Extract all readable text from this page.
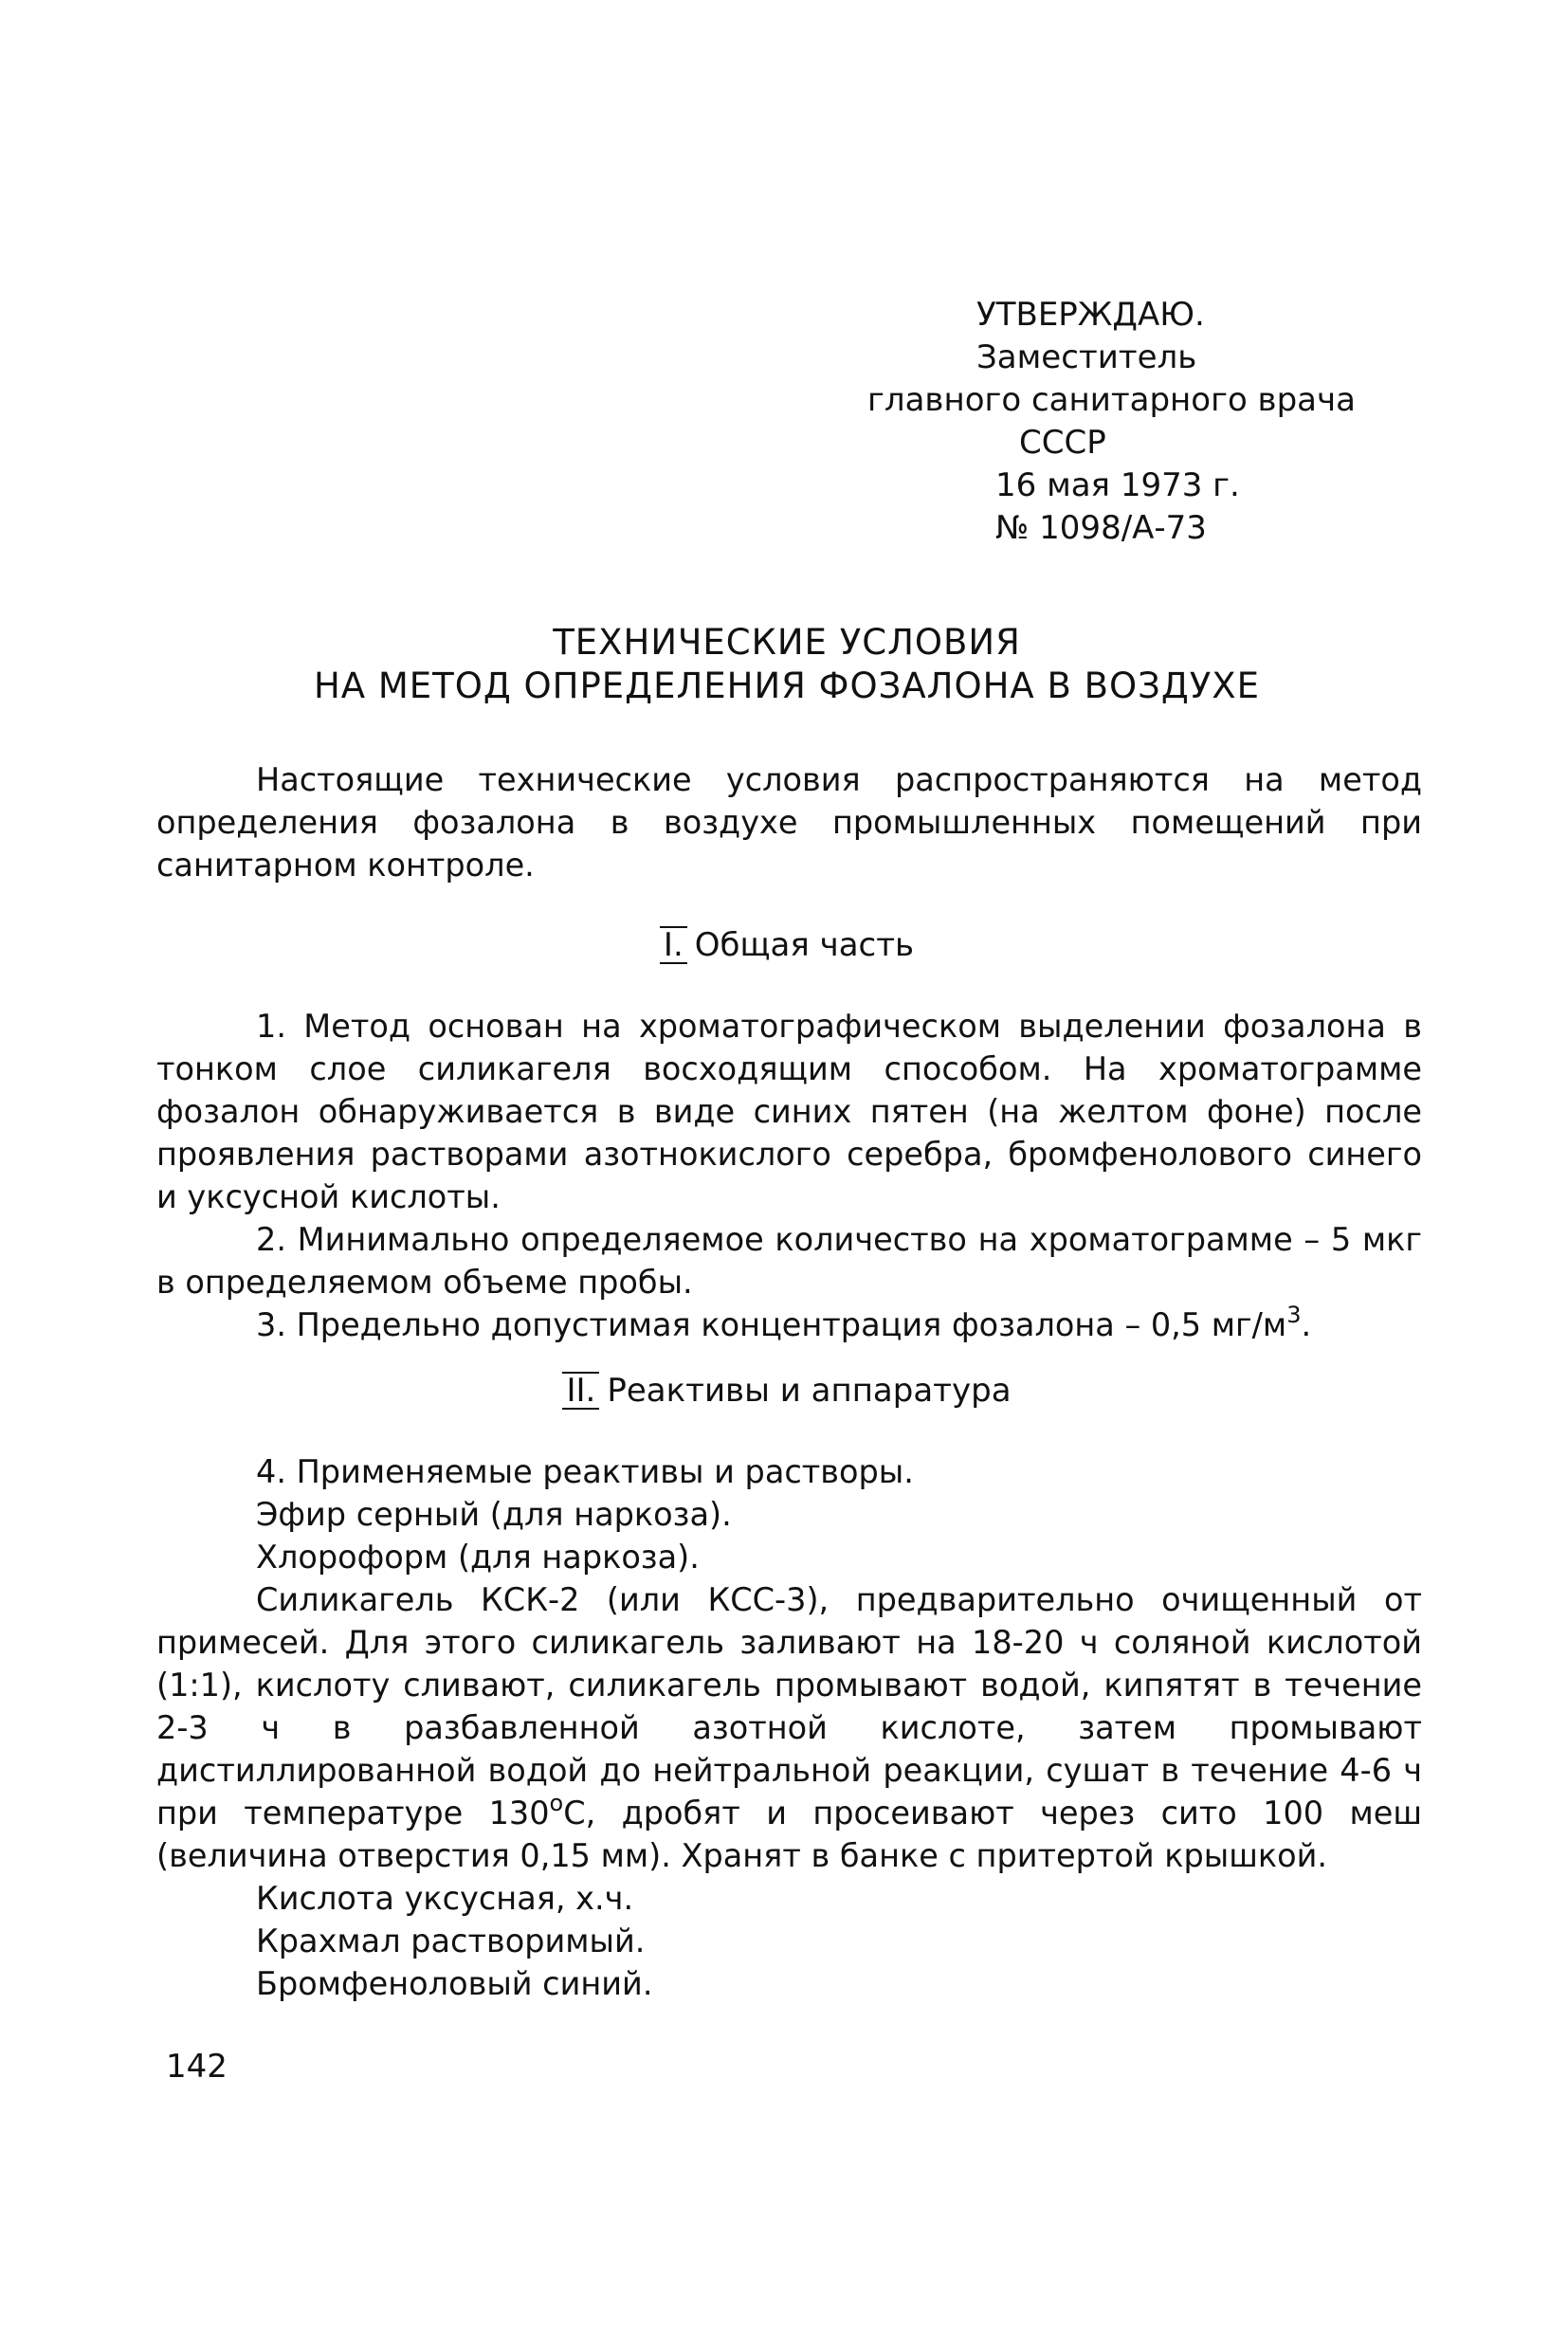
УТВЕРЖДАЮ.
Заместитель
главного санитарного врача
СССР
16 мая 1973 г.
№ 1098/А-73
ТЕХНИЧЕСКИЕ УСЛОВИЯ
НА МЕТОД ОПРЕДЕЛЕНИЯ ФОЗАЛОНА В ВОЗДУХЕ
Настоящие технические условия распространяются на метод определения фозалона в воздухе промышленных помещений при санитарном контроле.
I. Общая часть

1. Метод основан на хроматографическом выделении фозалона в тонком слое силикагеля восходящим способом. На хроматограмме фозалон обнаруживается в виде синих пятен (на желтом фоне) после проявления растворами азотнокислого серебра, бромфенолового синего и уксусной кислоты.

2. Минимально определяемое количество на хроматограмме – 5 мкг в определяемом объеме пробы.

3. Предельно допустимая концентрация фозалона – 0,5 $мг/м^3$.

II. Реактивы и аппаратура

4. Применяемые реактивы и растворы.

Эфир серный (для наркоза).

Хлороформ (для наркоза).

Силикагель КСК-2 (или КСС-3), предварительно очищенный от примесей. Для этого силикагель заливают на 18-20 ч соляной кислотой (1:1), кислоту сливают, силикагель промывают водой, кипятят в течение 2-3 ч в разбавленной азотной кислоте, затем промывают дистиллированной водой до нейтральной реакции, сушат в течение 4-6 ч при температуре 130$^o$С, дробят и просеивают через сито 100 меш (величина отверстия 0,15 мм). Хранят в банке с притертой крышкой.

Кислота уксусная, х.ч.

Крахмал растворимый.

Бромфеноловый синий.

142
